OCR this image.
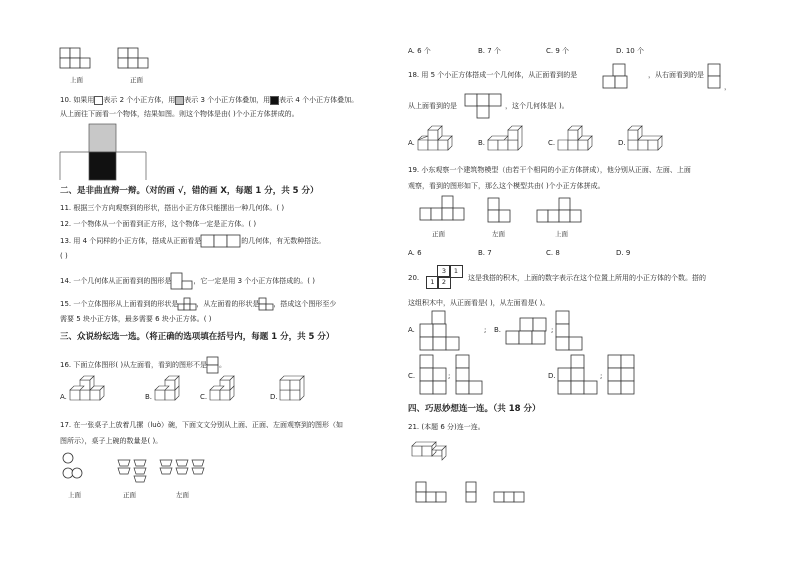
上面	正面
10. 如果用 表示 2 个小正方体，用 表示 3 个小正方体叠加，用 表示 4 个小正方体叠加。
从上面往下面看一个物体，结果如图。则这个物体是由( )个小正方体拼成的。
二、是非曲直辩一辩。（对的画 √，错的画 X，每题 1 分，共 5 分）
11. 根据三个方向观察到的形状，搭出小正方体只能摆出一种几何体。( )
12. 一个物体从一个面看到正方形，这个物体一定是正方体。( )
13. 用 4 个同样的小正方体，搭成从正面看是	的几何体，有无数种搭法。
( )
14. 一个几何体从正面看到的图形是	，它一定是用 3 个小正方体搭成的。( )
15. 一个立体图形从上面看到的形状是	，从左面看的形状是 ，搭成这个图形至少
需要 5 块小正方体，最多需要 6 块小正方体。( )
三、众说纷纭选一选。（将正确的选项填在括号内，每题 1 分，共 5 分）
16. 下面立体图形( )从左面看，看到的图形不是 。
A.	B.	C.	D.
17. 在一张桌子上放着几摞（luò）碗，下面文文分别从上面、正面、左面观察到的图形（如
图所示），桌子上碗的数量是( )。
上面	正面	左面
A. 6 个	B. 7 个	C. 9 个	D. 10 个
18. 用 5 个小正方体搭成一个几何体，从正面看到的是	，从右面看到的是
，
从上面看到的是	，这个几何体是( )。
A.	B.	C.	D.
19. 小东观察一个建筑物模型（由若干个相同的小正方体拼成），他分别从正面、左面、上面
观察，看到的图形如下，那么这个模型共由( )个小正方体拼成。
正面	左面	上面
A. 6	B. 7	C. 8	D. 9
20.
3	1
1	2	这是我搭的积木，上面的数字表示在这个位置上所用的小正方体的个数。搭的
这组积木中，从正面看是( )，从左面看是( )。
A.	; B.	;
C.	;	D.	;
四、巧思妙想连一连。（共 18 分）
21. (本题 6 分)连一连。
